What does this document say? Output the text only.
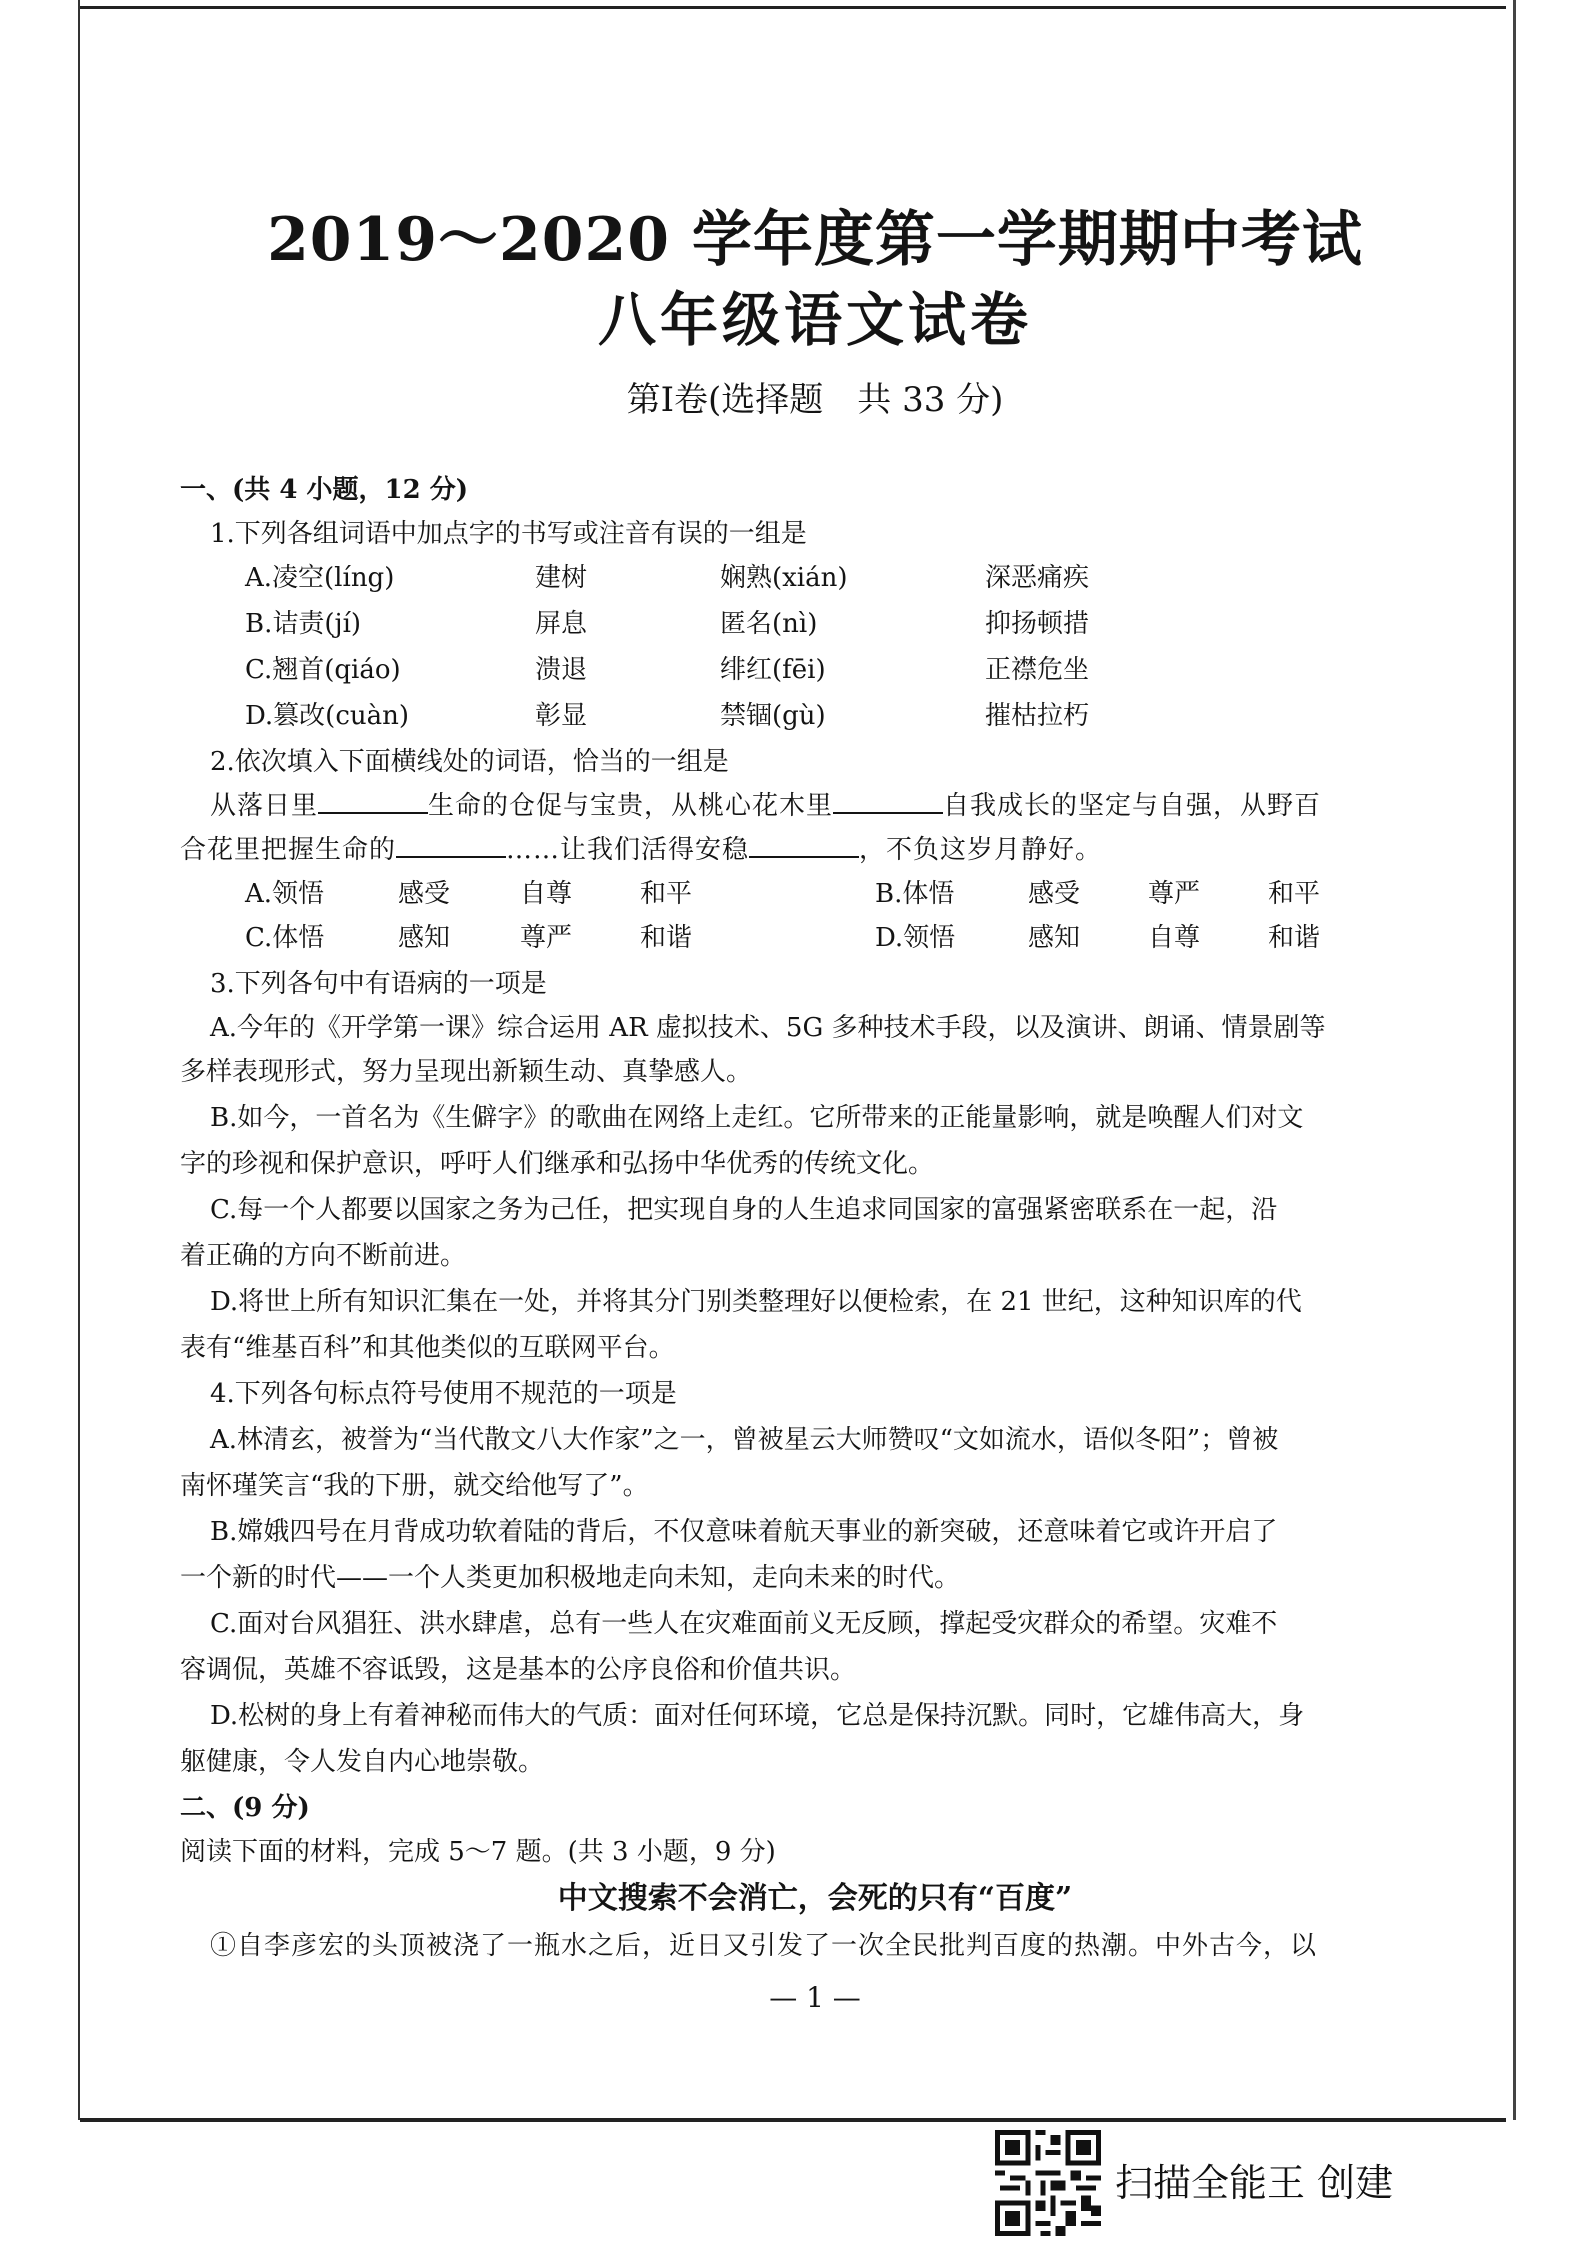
2019～2020 学年度第一学期期中考试
八年级语文试卷
第Ⅰ卷(选择题　共 33 分)
一、(共 4 小题，12 分)
1.下列各组词语中加点字的书写或注音有误的一组是
A.凌空(líng)	建树	娴熟(xián)	深恶痛疾
B.诘责(jí)	屏息	匿名(nì)	抑扬顿措
C.翘首(qiáo)	溃退	绯红(fēi)	正襟危坐
D.篡改(cuàn)	彰显	禁锢(gù)	摧枯拉朽
2.依次填入下面横线处的词语，恰当的一组是
从落日里	生命的仓促与宝贵，从桃心花木里	自我成长的坚定与自强，从野百
合花里把握生命的	……让我们活得安稳	，不负这岁月静好。
A.领悟	感受	自尊	和平	B.体悟	感受	尊严	和平
C.体悟	感知	尊严	和谐	D.领悟	感知	自尊	和谐
3.下列各句中有语病的一项是
A.今年的《开学第一课》综合运用 AR 虚拟技术、5G 多种技术手段，以及演讲、朗诵、情景剧等
多样表现形式，努力呈现出新颖生动、真挚感人。
B.如今，一首名为《生僻字》的歌曲在网络上走红。它所带来的正能量影响，就是唤醒人们对文
字的珍视和保护意识，呼吁人们继承和弘扬中华优秀的传统文化。
C.每一个人都要以国家之务为己任，把实现自身的人生追求同国家的富强紧密联系在一起，沿
着正确的方向不断前进。
D.将世上所有知识汇集在一处，并将其分门别类整理好以便检索，在 21 世纪，这种知识库的代
表有“维基百科”和其他类似的互联网平台。
4.下列各句标点符号使用不规范的一项是
A.林清玄，被誉为“当代散文八大作家”之一，曾被星云大师赞叹“文如流水，语似冬阳”；曾被
南怀瑾笑言“我的下册，就交给他写了”。
B.嫦娥四号在月背成功软着陆的背后，不仅意味着航天事业的新突破，还意味着它或许开启了
一个新的时代——一个人类更加积极地走向未知，走向未来的时代。
C.面对台风猖狂、洪水肆虐，总有一些人在灾难面前义无反顾，撑起受灾群众的希望。灾难不
容调侃，英雄不容诋毁，这是基本的公序良俗和价值共识。
D.松树的身上有着神秘而伟大的气质：面对任何环境，它总是保持沉默。同时，它雄伟高大，身
躯健康，令人发自内心地崇敬。
二、(9 分)
阅读下面的材料，完成 5～7 题。(共 3 小题，9 分)
中文搜索不会消亡，会死的只有“百度”
①自李彦宏的头顶被浇了一瓶水之后，近日又引发了一次全民批判百度的热潮。中外古今，以
— 1 —
扫描全能王 创建
